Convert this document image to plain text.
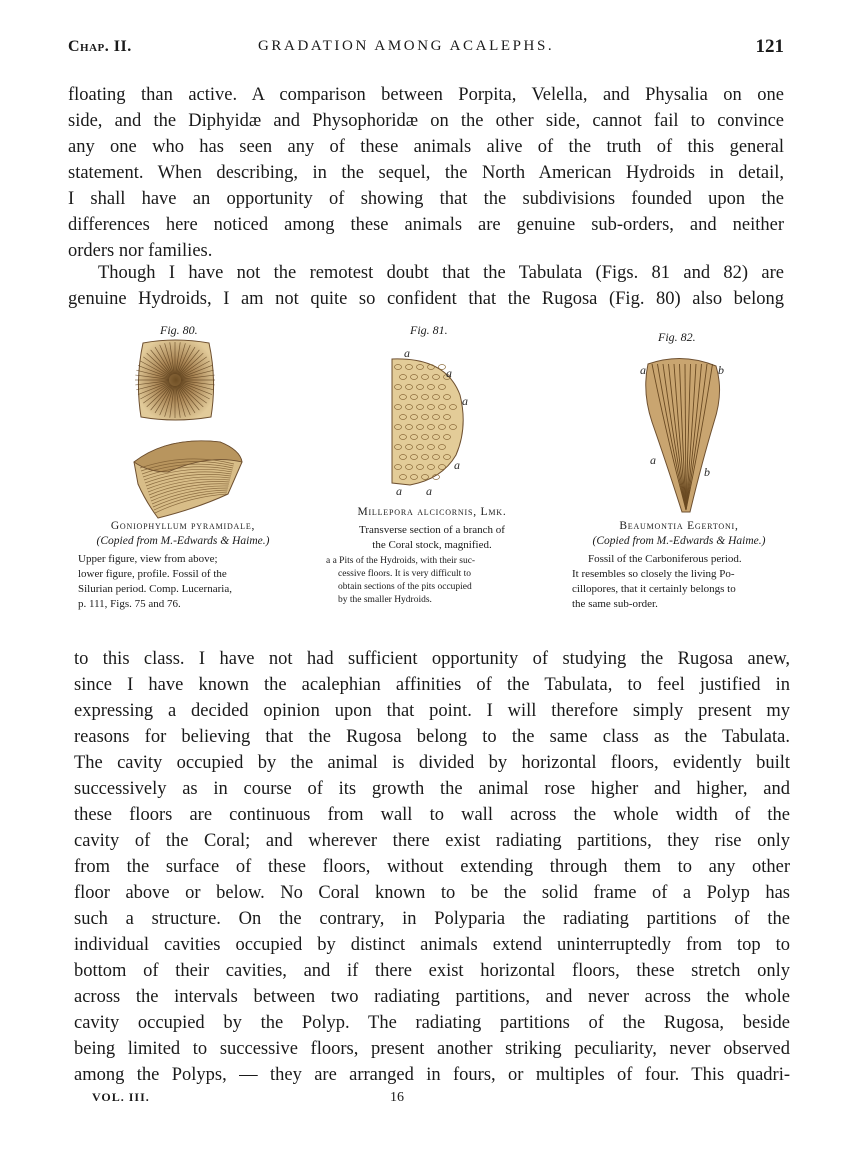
Chap. II.	GRADATION AMONG ACALEPHS.	121
floating than active. A comparison between Porpita, Velella, and Physalia on one
side, and the Diphyidæ and Physophoridæ on the other side, cannot fail to convince
any one who has seen any of these animals alive of the truth of this general
statement. When describing, in the sequel, the North American Hydroids in detail,
I shall have an opportunity of showing that the subdivisions founded upon the
differences here noticed among these animals are genuine sub-orders, and neither
orders nor families.
Though I have not the remotest doubt that the Tabulata (Figs. 81 and 82) are
genuine Hydroids, I am not quite so confident that the Rugosa (Fig. 80) also belong
Fig. 80.
Goniophyllum pyramidale,
(Copied from M.-Edwards & Haime.)
Upper figure, view from above;
lower figure, profile. Fossil of the
Silurian period. Comp. Lucernaria,
p. 111, Figs. 75 and 76.
Fig. 81.
a
a
a
a
a a
Millepora alcicornis, Lmk.
Transverse section of a branch of
the Coral stock, magnified.
a a Pits of the Hydroids, with their suc-
cessive floors. It is very difficult to
obtain sections of the pits occupied
by the smaller Hydroids.
Fig. 82.
a	b
a
b
Beaumontia Egertoni,
(Copied from M.-Edwards & Haime.)
Fossil of the Carboniferous period.
It resembles so closely the living Po-
cillopores, that it certainly belongs to
the same sub-order.
to this class. I have not had sufficient opportunity of studying the Rugosa anew,
since I have known the acalephian affinities of the Tabulata, to feel justified in
expressing a decided opinion upon that point. I will therefore simply present my
reasons for believing that the Rugosa belong to the same class as the Tabulata.
The cavity occupied by the animal is divided by horizontal floors, evidently built
successively as in course of its growth the animal rose higher and higher, and
these floors are continuous from wall to wall across the whole width of the
cavity of the Coral; and wherever there exist radiating partitions, they rise only
from the surface of these floors, without extending through them to any other
floor above or below. No Coral known to be the solid frame of a Polyp has
such a structure. On the contrary, in Polyparia the radiating partitions of the
individual cavities occupied by distinct animals extend uninterruptedly from top to
bottom of their cavities, and if there exist horizontal floors, these stretch only
across the intervals between two radiating partitions, and never across the whole
cavity occupied by the Polyp. The radiating partitions of the Rugosa, beside
being limited to successive floors, present another striking peculiarity, never observed
among the Polyps, — they are arranged in fours, or multiples of four. This quadri-
VOL. III.	16
